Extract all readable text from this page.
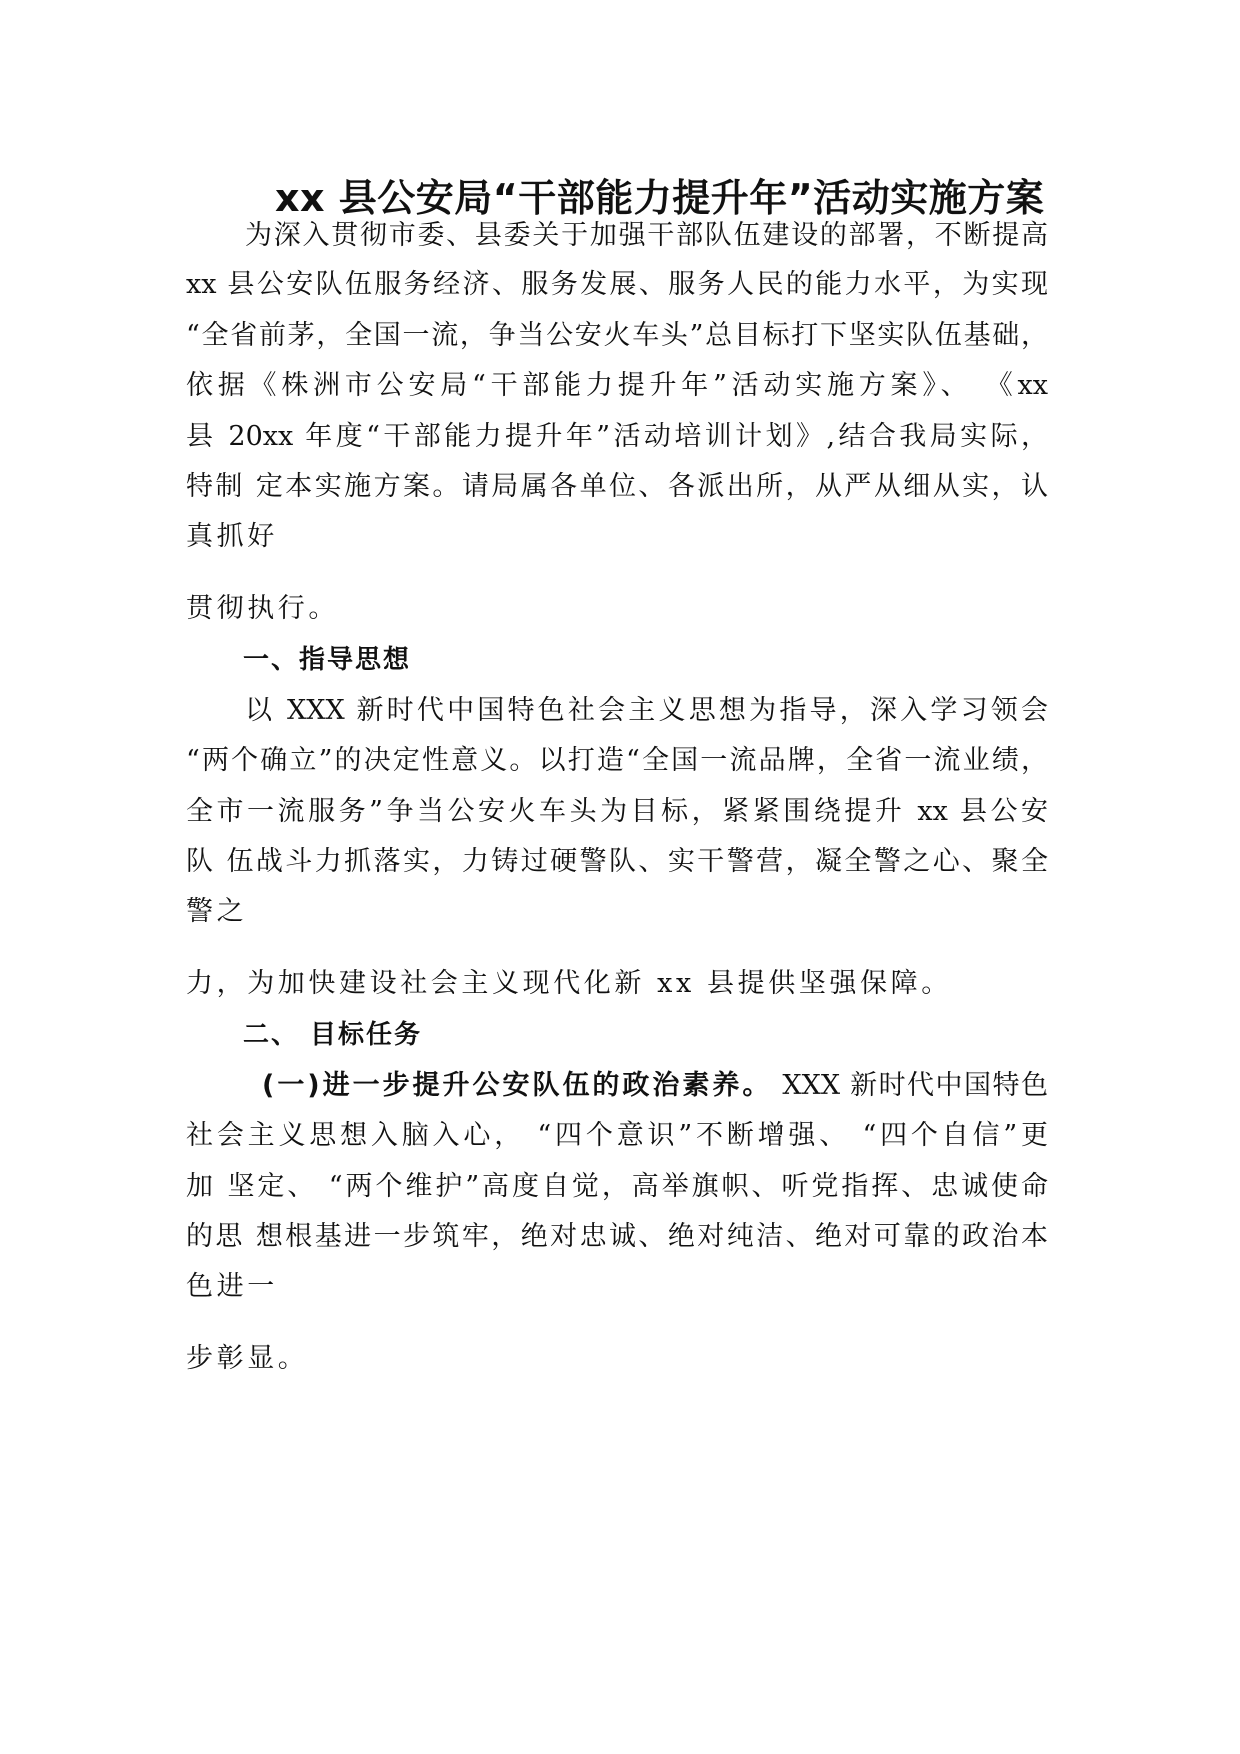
xx 县公安局“干部能力提升年”活动实施方案
为深入贯彻市委、县委关于加强干部队伍建设的部署，不断提高
xx 县公安队伍服务经济、服务发展、服务人民的能力水平，为实现
“全省前茅，全国一流，争当公安火车头”总目标打下坚实队伍基础，
依据《株洲市公安局“干部能力提升年”活动实施方案》、 《xx
县 20xx 年度“干部能力提升年”活动培训计划》,结合我局实际，
特制 定本实施方案。请局属各单位、各派出所，从严从细从实，认
真抓好
贯彻执行。
一、指导思想
以 XXX 新时代中国特色社会主义思想为指导，深入学习领会
“两个确立”的决定性意义。以打造“全国一流品牌，全省一流业绩，
全市一流服务”争当公安火车头为目标，紧紧围绕提升 xx 县公安
队 伍战斗力抓落实，力铸过硬警队、实干警营，凝全警之心、聚全
警之
力，为加快建设社会主义现代化新 xx 县提供坚强保障。
二、 目标任务
(一)进一步提升公安队伍的政治素养。 XXX 新时代中国特色
社会主义思想入脑入心， “四个意识”不断增强、 “四个自信”更
加 坚定、 “两个维护”高度自觉，高举旗帜、听党指挥、忠诚使命
的思 想根基进一步筑牢，绝对忠诚、绝对纯洁、绝对可靠的政治本
色进一
步彰显。
